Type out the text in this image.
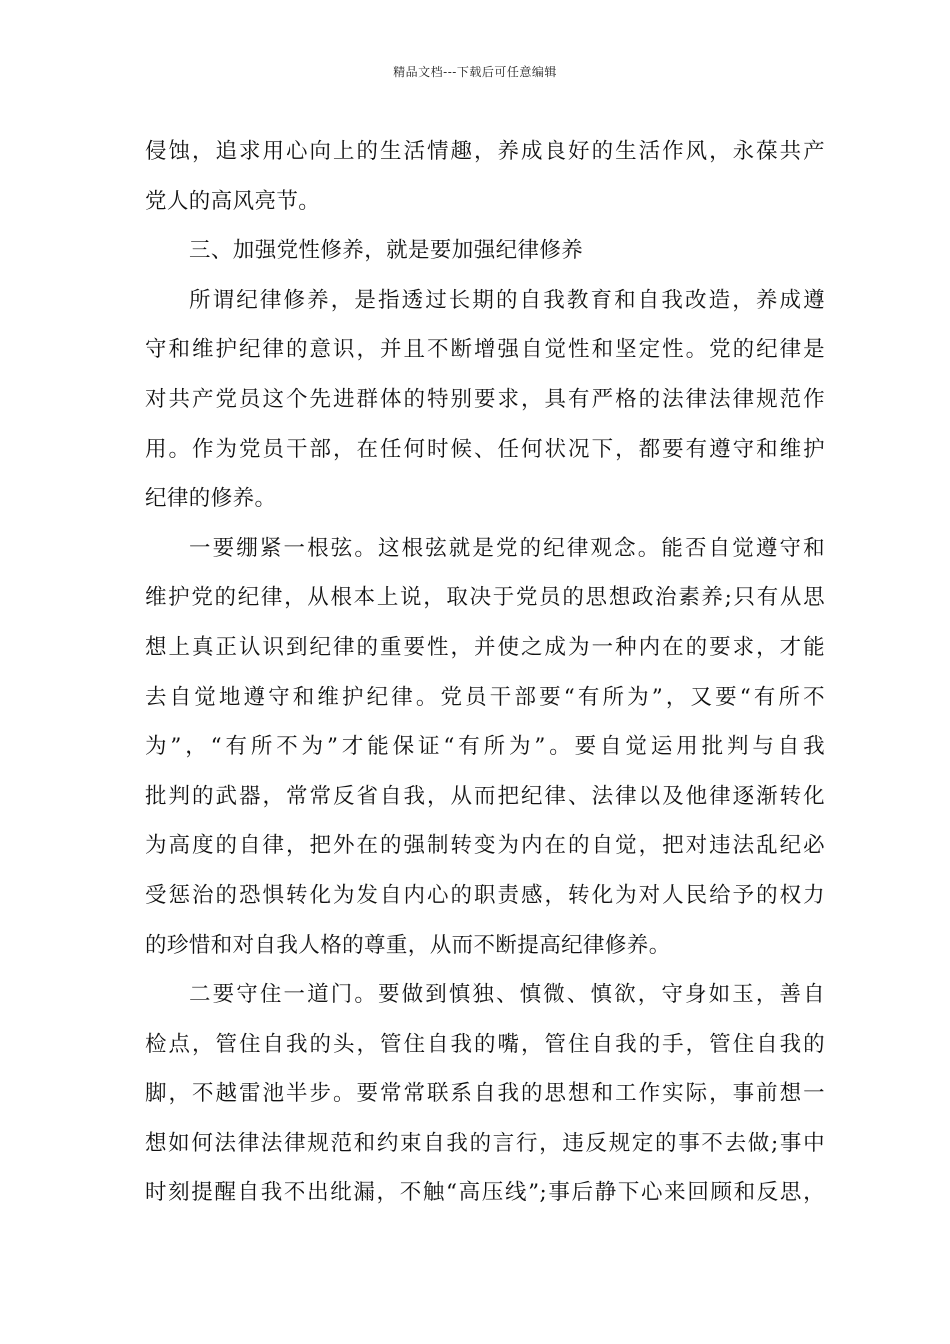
精品文档---下载后可任意编辑

侵蚀，追求用心向上的生活情趣，养成良好的生活作风，永葆共产
党人的高风亮节。

三、加强党性修养，就是要加强纪律修养

所谓纪律修养，是指透过长期的自我教育和自我改造，养成遵
守和维护纪律的意识，并且不断增强自觉性和坚定性。党的纪律是
对共产党员这个先进群体的特别要求，具有严格的法律法律规范作
用。作为党员干部，在任何时候、任何状况下，都要有遵守和维护
纪律的修养。

一要绷紧一根弦。这根弦就是党的纪律观念。能否自觉遵守和
维护党的纪律，从根本上说，取决于党员的思想政治素养;只有从思
想上真正认识到纪律的重要性，并使之成为一种内在的要求，才能
去自觉地遵守和维护纪律。党员干部要“有所为”，又要“有所不
为”，“有所不为”才能保证“有所为”。要自觉运用批判与自我
批判的武器，常常反省自我，从而把纪律、法律以及他律逐渐转化
为高度的自律，把外在的强制转变为内在的自觉，把对违法乱纪必
受惩治的恐惧转化为发自内心的职责感，转化为对人民给予的权力
的珍惜和对自我人格的尊重，从而不断提高纪律修养。

二要守住一道门。要做到慎独、慎微、慎欲，守身如玉，善自
检点，管住自我的头，管住自我的嘴，管住自我的手，管住自我的
脚，不越雷池半步。要常常联系自我的思想和工作实际，事前想一
想如何法律法律规范和约束自我的言行，违反规定的事不去做;事中
时刻提醒自我不出纰漏，不触“高压线”;事后静下心来回顾和反思，
